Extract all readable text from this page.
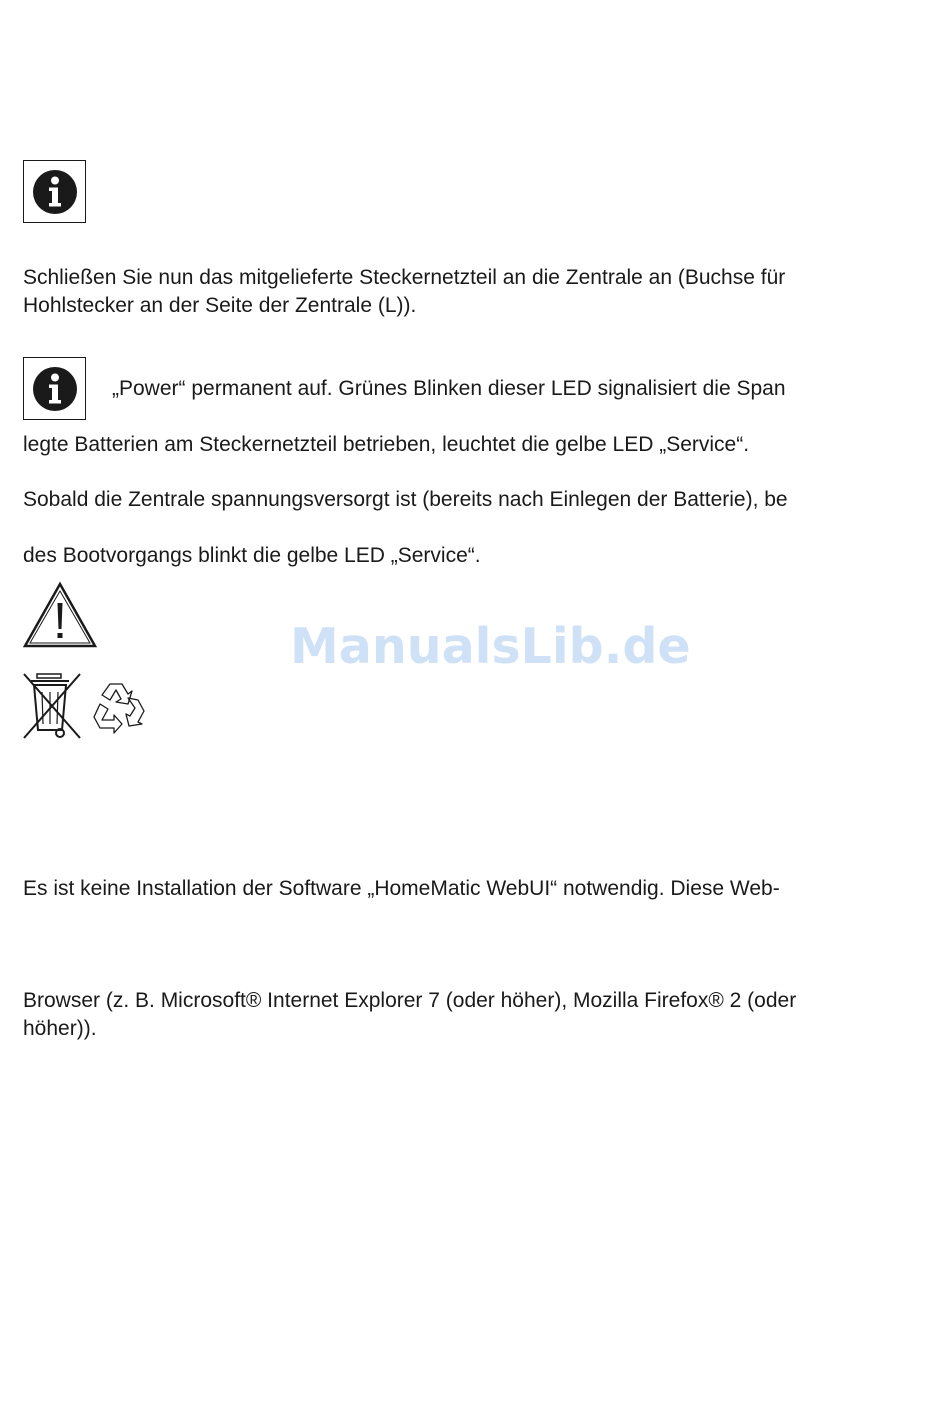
Schließen Sie nun das mitgelieferte Steckernetzteil an die Zentrale an (Buchse für
Hohlstecker an der Seite der Zentrale (L)).
„Power“ permanent auf. Grünes Blinken dieser LED signalisiert die Span
legte Batterien am Steckernetzteil betrieben, leuchtet die gelbe LED „Service“.
Sobald die Zentrale spannungsversorgt ist (bereits nach Einlegen der Batterie), be
des Bootvorgangs blinkt die gelbe LED „Service“.
ManualsLib.de
Es ist keine Installation der Software „HomeMatic WebUI“ notwendig. Diese Web-
Browser (z. B. Microsoft® Internet Explorer 7 (oder höher), Mozilla Firefox® 2 (oder
höher)).
